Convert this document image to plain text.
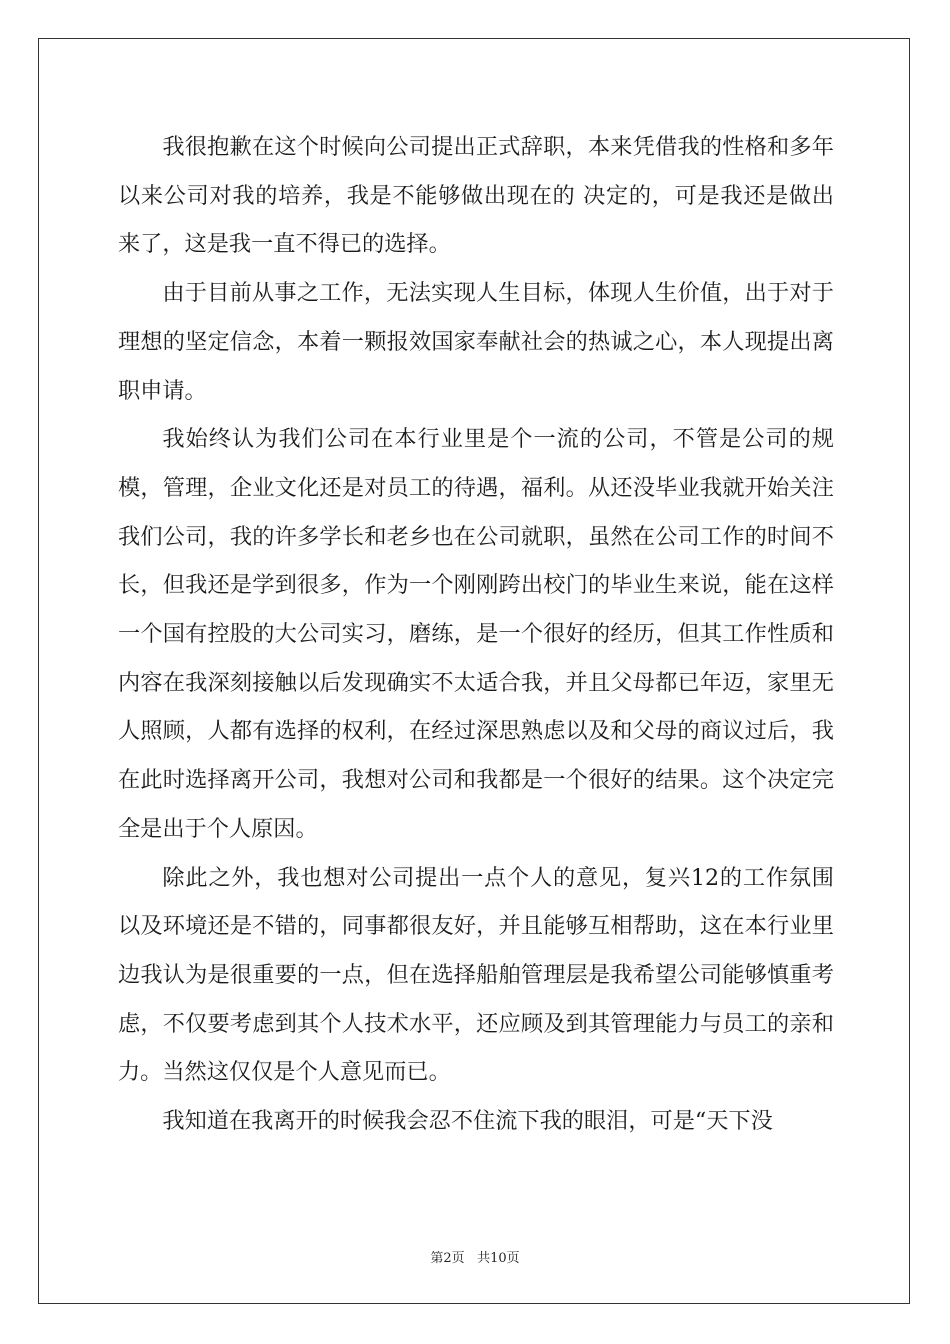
我很抱歉在这个时候向公司提出正式辞职，本来凭借我的性格和多年以来公司对我的培养，我是不能够做出现在的 决定的，可是我还是做出来了，这是我一直不得已的选择。

由于目前从事之工作，无法实现人生目标，体现人生价值，出于对于理想的坚定信念，本着一颗报效国家奉献社会的热诚之心，本人现提出离职申请。

我始终认为我们公司在本行业里是个一流的公司，不管是公司的规模，管理，企业文化还是对员工的待遇，福利。从还没毕业我就开始关注我们公司，我的许多学长和老乡也在公司就职，虽然在公司工作的时间不长，但我还是学到很多，作为一个刚刚跨出校门的毕业生来说，能在这样一个国有控股的大公司实习，磨练，是一个很好的经历，但其工作性质和内容在我深刻接触以后发现确实不太适合我，并且父母都已年迈，家里无人照顾，人都有选择的权利，在经过深思熟虑以及和父母的商议过后，我在此时选择离开公司，我想对公司和我都是一个很好的结果。这个决定完全是出于个人原因。

除此之外，我也想对公司提出一点个人的意见，复兴12的工作氛围以及环境还是不错的，同事都很友好，并且能够互相帮助，这在本行业里边我认为是很重要的一点，但在选择船舶管理层是我希望公司能够慎重考虑，不仅要考虑到其个人技术水平，还应顾及到其管理能力与员工的亲和力。当然这仅仅是个人意见而已。

我知道在我离开的时候我会忍不住流下我的眼泪，可是“天下没

第2页 共10页
